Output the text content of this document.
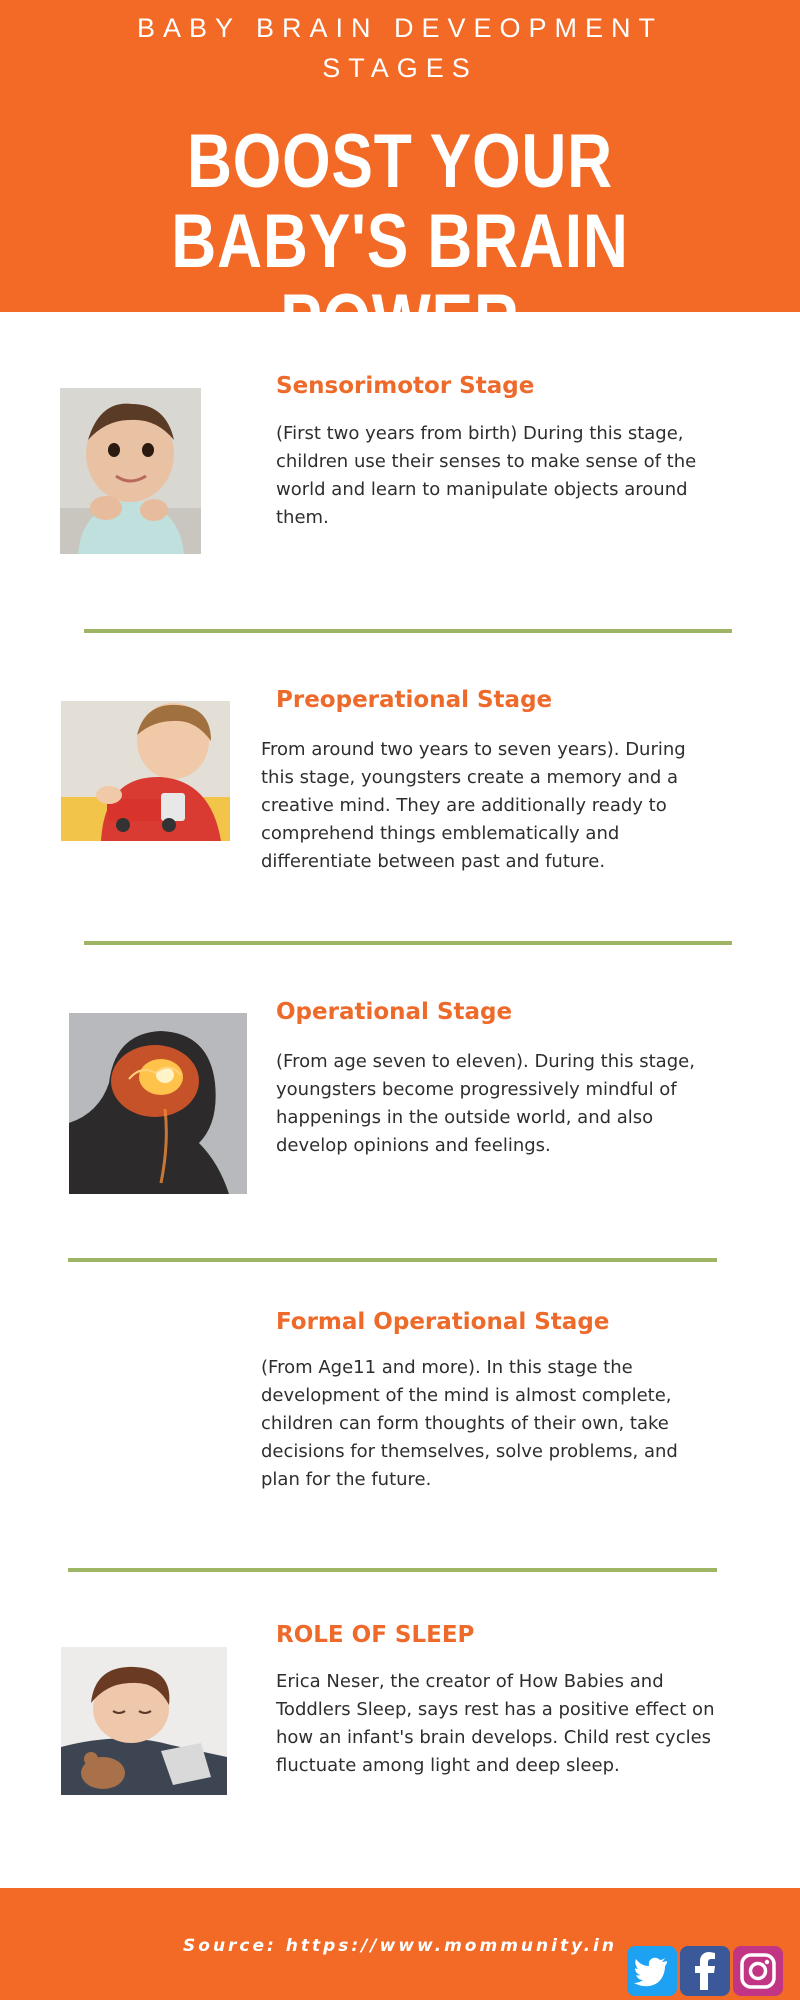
BABY BRAIN DEVEOPMENT STAGES
BOOST YOUR BABY'S BRAIN POWER
Sensorimotor Stage
(First two years from birth) During this stage, children use their senses to make sense of the world and learn to manipulate objects around them.
Preoperational Stage
From around two years to seven years). During this stage, youngsters create a memory and a creative mind. They are additionally ready to comprehend things emblematically and differentiate between past and future.
Operational Stage
(From age seven to eleven). During this stage, youngsters become progressively mindful of happenings in the outside world, and also develop opinions and feelings.
Formal Operational Stage
(From Age11 and more). In this stage the development of the mind is almost complete, children can form thoughts of their own, take decisions for themselves, solve problems, and plan for the future.
ROLE OF SLEEP
Erica Neser, the creator of How Babies and Toddlers Sleep, says rest has a positive effect on how an infant's brain develops. Child rest cycles fluctuate among light and deep sleep.
Source: https://www.mommunity.in
